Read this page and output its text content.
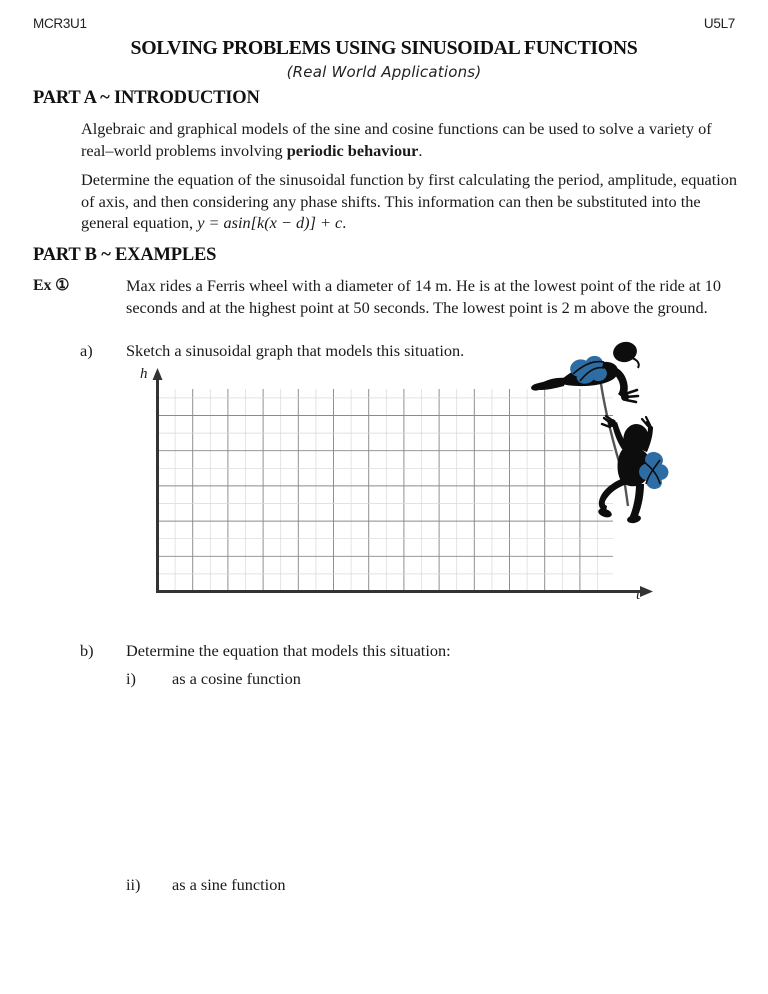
MCR3U1	U5L7
SOLVING PROBLEMS USING SINUSOIDAL FUNCTIONS
(Real World Applications)
PART A ~ INTRODUCTION
Algebraic and graphical models of the sine and cosine functions can be used to solve a variety of real–world problems involving periodic behaviour.
Determine the equation of the sinusoidal function by first calculating the period, amplitude, equation of axis, and then considering any phase shifts. This information can then be substituted into the general equation, y = asin[k(x − d)] + c.
PART B ~ EXAMPLES
Ex ①	Max rides a Ferris wheel with a diameter of 14 m. He is at the lowest point of the ride at 10 seconds and at the highest point at 50 seconds. The lowest point is 2 m above the ground.
a) Sketch a sinusoidal graph that models this situation.
h
t
b) Determine the equation that models this situation:
i) as a cosine function
ii) as a sine function
